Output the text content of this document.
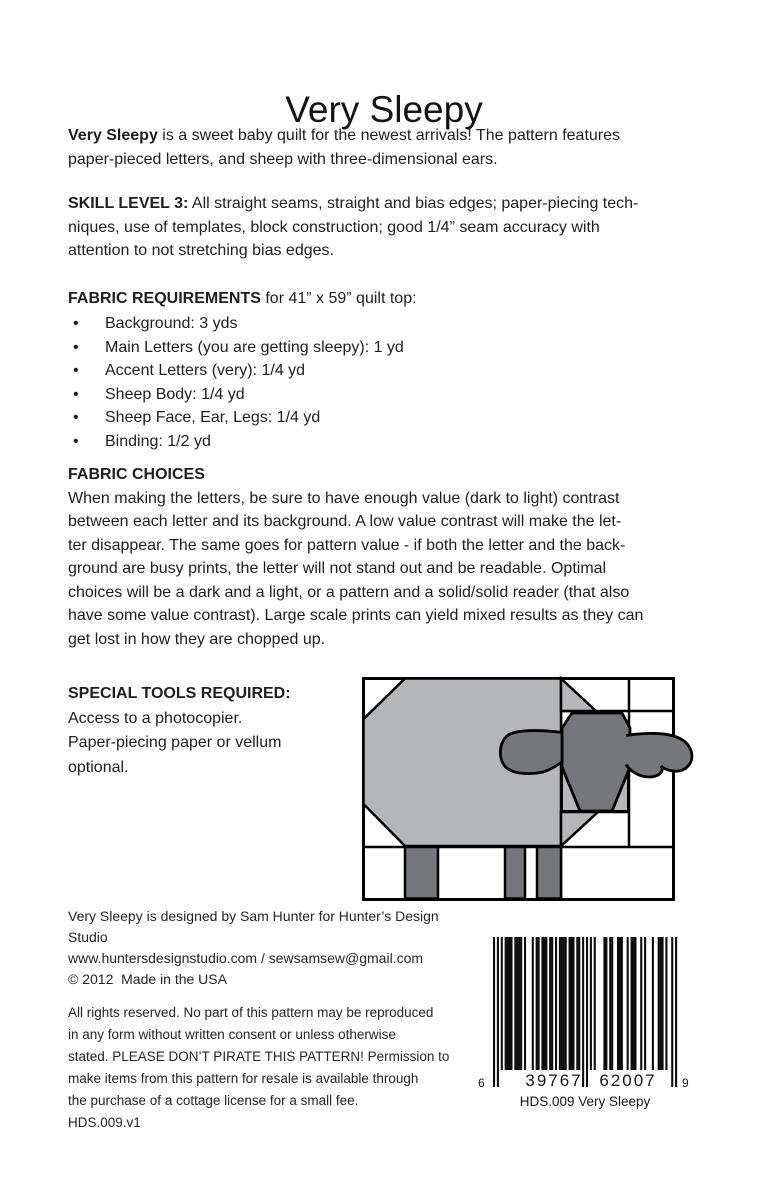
Very Sleepy
Very Sleepy is a sweet baby quilt for the newest arrivals! The pattern features
paper-pieced letters, and sheep with three-dimensional ears.
SKILL LEVEL 3: All straight seams, straight and bias edges; paper-piecing tech-
niques, use of templates, block construction; good 1/4” seam accuracy with
attention to not stretching bias edges.
FABRIC REQUIREMENTS for 41” x 59” quilt top:
•	Background: 3 yds
•	Main Letters (you are getting sleepy): 1 yd
•	Accent Letters (very): 1/4 yd
•	Sheep Body: 1/4 yd
•	Sheep Face, Ear, Legs: 1/4 yd
•	Binding: 1/2 yd
FABRIC CHOICES
When making the letters, be sure to have enough value (dark to light) contrast
between each letter and its background. A low value contrast will make the let-
ter disappear. The same goes for pattern value - if both the letter and the back-
ground are busy prints, the letter will not stand out and be readable. Optimal
choices will be a dark and a light, or a pattern and a solid/solid reader (that also
have some value contrast). Large scale prints can yield mixed results as they can
get lost in how they are chopped up.
SPECIAL TOOLS REQUIRED:
Access to a photocopier.
Paper-piecing paper or vellum
optional.
Very Sleepy is designed by Sam Hunter for Hunter’s Design
Studio
www.huntersdesignstudio.com / sewsamsew@gmail.com
© 2012  Made in the USA
All rights reserved. No part of this pattern may be reproduced
in any form without written consent or unless otherwise
stated. PLEASE DON’T PIRATE THIS PATTERN! Permission to
make items from this pattern for resale is available through
the purchase of a cottage license for a small fee.
HDS.009.v1
6 39767 62007 9
HDS.009 Very Sleepy
